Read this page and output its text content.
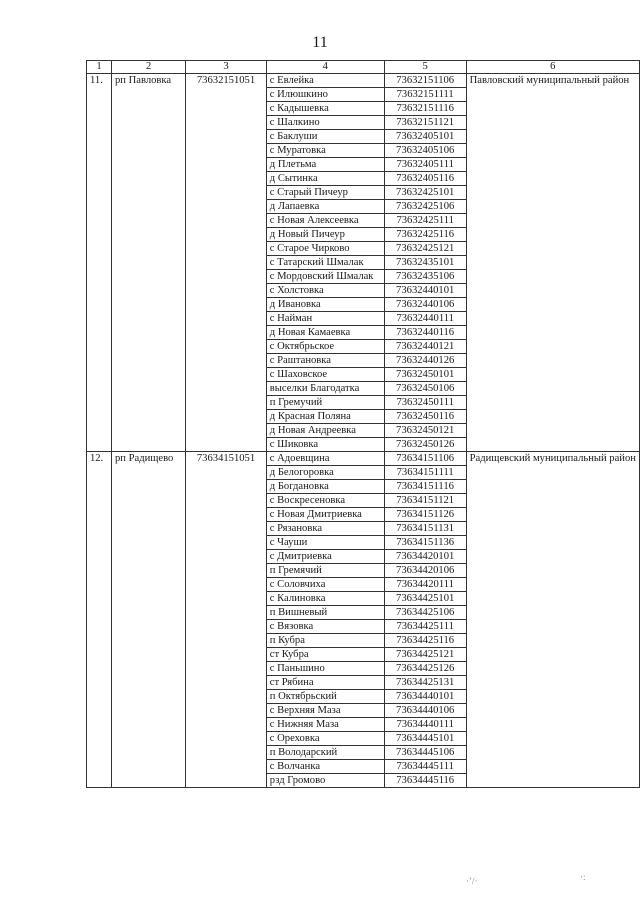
11
1	2	3	4	5	6
11.	рп Павловка	73632151051	с Евлейка	73632151106	Павловский муниципальный район
			с Илюшкино	73632151111	
			с Кадышевка	73632151116	
			с Шалкино	73632151121	
			с Баклуши	73632405101	
			с Муратовка	73632405106	
			д Плетьма	73632405111	
			д Сытинка	73632405116	
			с Старый Пичеур	73632425101	
			д Лапаевка	73632425106	
			с Новая Алексеевка	73632425111	
			д Новый Пичеур	73632425116	
			с Старое Чирково	73632425121	
			с Татарский Шмалак	73632435101	
			с Мордовский Шмалак	73632435106	
			с Холстовка	73632440101	
			д Ивановка	73632440106	
			с Найман	73632440111	
			д Новая Камаевка	73632440116	
			с Октябрьское	73632440121	
			с Раштановка	73632440126	
			с Шаховское	73632450101	
			выселки Благодатка	73632450106	
			п Гремучий	73632450111	
			д Красная Поляна	73632450116	
			д Новая Андреевка	73632450121	
			с Шиковка	73632450126	
12.	рп Радищево	73634151051	с Адоевщина	73634151106	Радищевский муниципальный район
			д Белогоровка	73634151111	
			д Богдановка	73634151116	
			с Воскресеновка	73634151121	
			с Новая Дмитриевка	73634151126	
			с Рязановка	73634151131	
			с Чауши	73634151136	
			с Дмитриевка	73634420101	
			п Гремячий	73634420106	
			с Соловчиха	73634420111	
			с Калиновка	73634425101	
			п Вишневый	73634425106	
			с Вязовка	73634425111	
			п Кубра	73634425116	
			ст Кубра	73634425121	
			с Паньшино	73634425126	
			ст Рябина	73634425131	
			п Октябрьский	73634440101	
			с Верхняя Маза	73634440106	
			с Нижняя Маза	73634440111	
			с Ореховка	73634445101	
			п Володарский	73634445106	
			с Волчанка	73634445111	
			рзд Громово	73634445116	
·ʼ/·	·:
